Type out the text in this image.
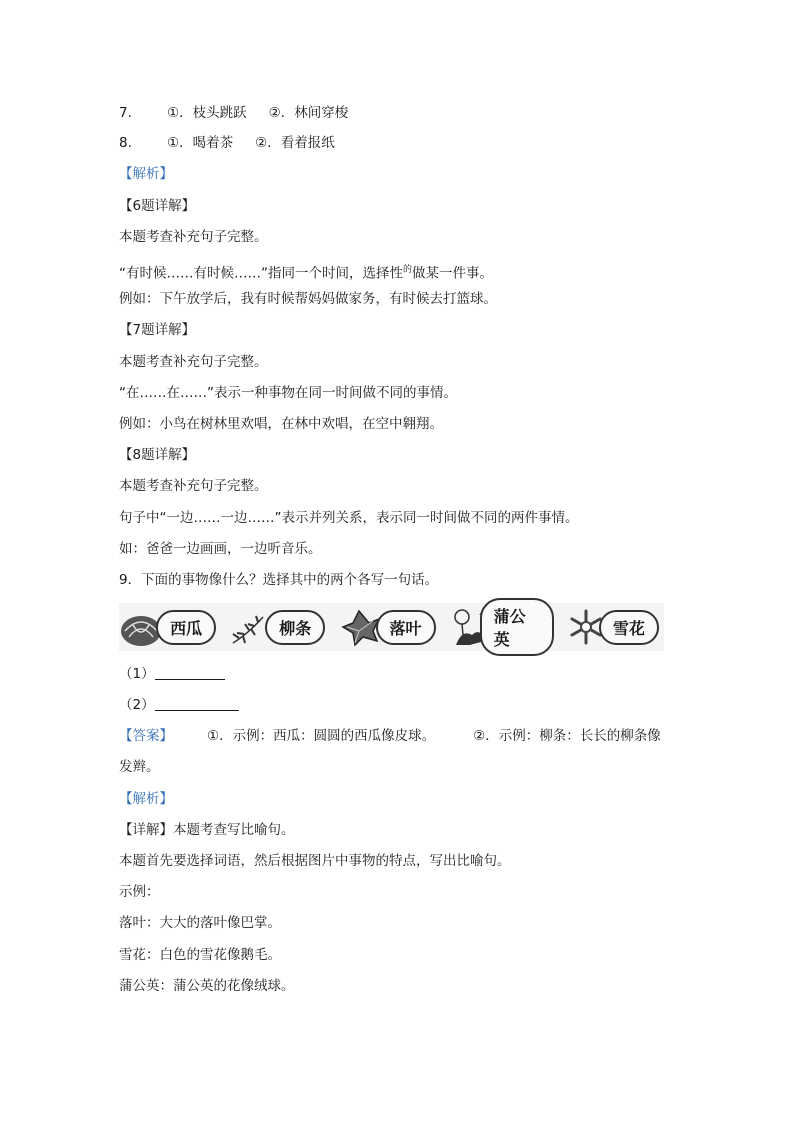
7.	①．枝头跳跃 ②．林间穿梭
8.	①．喝着茶 ②．看着报纸
【解析】
【6题详解】
本题考查补充句子完整。
“有时候……有时候……”指同一个时间，选择性$^的$做某一件事。
例如：下午放学后，我有时候帮妈妈做家务，有时候去打篮球。
【7题详解】
本题考查补充句子完整。
“在……在……”表示一种事物在同一时间做不同的事情。
例如：小鸟在树林里欢唱，在林中欢唱，在空中翱翔。
【8题详解】
本题考查补充句子完整。
句子中“一边……一边……”表示并列关系，表示同一时间做不同的两件事情。
如：爸爸一边画画，一边听音乐。
9．下面的事物像什么？选择其中的两个各写一句话。
西瓜	柳条	落叶
蒲公英
雪花
（1）
（2）
【答案】	①．示例：西瓜：圆圆的西瓜像皮球。	②．示例：柳条：长长的柳条像
发辫。
【解析】
【详解】本题考查写比喻句。
本题首先要选择词语，然后根据图片中事物的特点，写出比喻句。
示例：
落叶：大大的落叶像巴掌。
雪花：白色的雪花像鹅毛。
蒲公英：蒲公英的花像绒球。
